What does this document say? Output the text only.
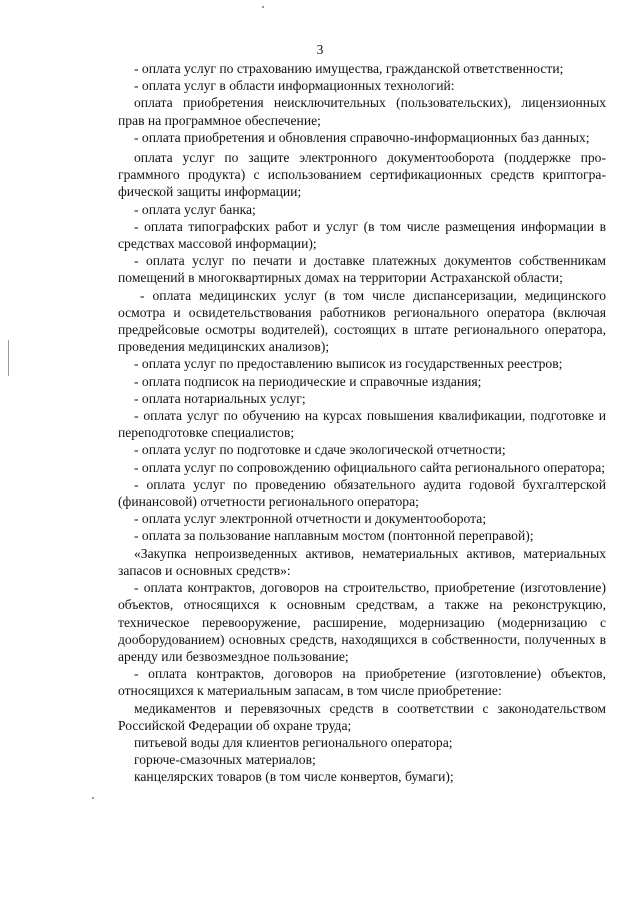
3

- оплата услуг по страхованию имущества, гражданской ответственности;

- оплата услуг в области информационных технологий:

оплата приобретения неисключительных (пользовательских), лицензионных прав на программное обеспечение;

- оплата приобретения и обновления справочно-информационных баз данных;

оплата услуг по защите электронного документооборота (поддержке программного продукта) с использованием сертификационных средств криптографической защиты информации;

- оплата услуг банка;

- оплата типографских работ и услуг (в том числе размещения информации в средствах массовой информации);

- оплата услуг по печати и доставке платежных документов собственникам помещений в многоквартирных домах на территории Астраханской области;

- оплата медицинских услуг (в том числе диспансеризации, медицинского осмотра и освидетельствования работников регионального оператора (включая предрейсовые осмотры водителей), состоящих в штате регионального оператора, проведения медицинских анализов);

- оплата услуг по предоставлению выписок из государственных реестров;

- оплата подписок на периодические и справочные издания;

- оплата нотариальных услуг;

- оплата услуг по обучению на курсах повышения квалификации, подготовке и переподготовке специалистов;

- оплата услуг по подготовке и сдаче экологической отчетности;

- оплата услуг по сопровождению официального сайта регионального оператора;

- оплата услуг по проведению обязательного аудита годовой бухгалтерской (финансовой) отчетности регионального оператора;

- оплата услуг электронной отчетности и документооборота;

- оплата за пользование наплавным мостом (понтонной переправой);

«Закупка непроизведенных активов, нематериальных активов, материальных запасов и основных средств»:

- оплата контрактов, договоров на строительство, приобретение (изготовление) объектов, относящихся к основным средствам, а также на реконструкцию, техническое перевооружение, расширение, модернизацию (модернизацию с дооборудованием) основных средств, находящихся в собственности, полученных в аренду или безвозмездное пользование;

- оплата контрактов, договоров на приобретение (изготовление) объектов, относящихся к материальным запасам, в том числе приобретение:

медикаментов и перевязочных средств в соответствии с законодательством Российской Федерации об охране труда;

питьевой воды для клиентов регионального оператора;

горюче-смазочных материалов;

канцелярских товаров (в том числе конвертов, бумаги);
